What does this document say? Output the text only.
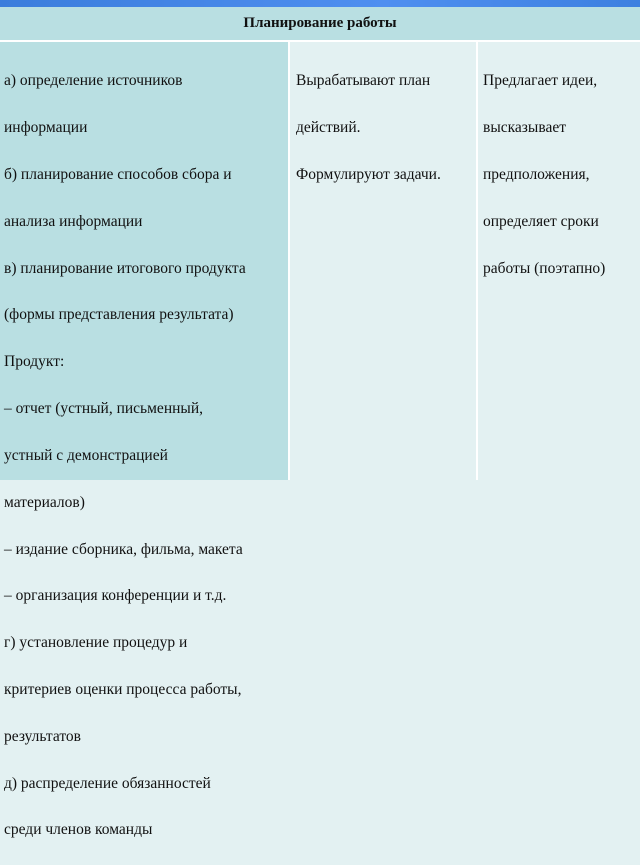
Планирование работы

а) определение источников

информации

б) планирование способов сбора и

анализа информации

в) планирование итогового продукта

(формы представления результата)

Продукт:

– отчет (устный, письменный,

устный с демонстрацией

материалов)

– издание сборника, фильма, макета

– организация конференции и т.д.

г) установление процедур и

критериев оценки процесса работы,

результатов

д) распределение обязанностей

среди членов команды

Вырабатывают план

действий.

Формулируют задачи.

Предлагает идеи,

высказывает

предположения,

определяет сроки

работы (поэтапно)
